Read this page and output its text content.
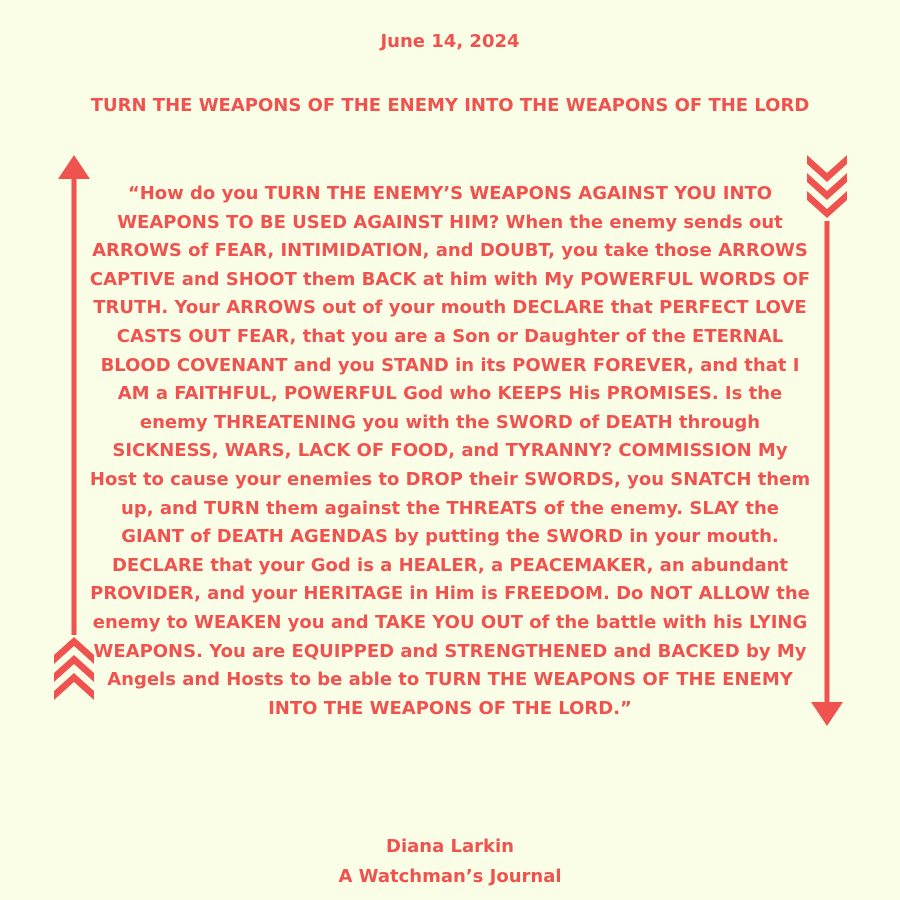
June 14, 2024
TURN THE WEAPONS OF THE ENEMY INTO THE WEAPONS OF THE LORD
“How do you TURN THE ENEMY’S WEAPONS AGAINST YOU INTO WEAPONS TO BE USED AGAINST HIM? When the enemy sends out ARROWS of FEAR, INTIMIDATION, and DOUBT, you take those ARROWS CAPTIVE and SHOOT them BACK at him with My POWERFUL WORDS OF TRUTH. Your ARROWS out of your mouth DECLARE that PERFECT LOVE CASTS OUT FEAR, that you are a Son or Daughter of the ETERNAL BLOOD COVENANT and you STAND in its POWER FOREVER, and that I AM a FAITHFUL, POWERFUL God who KEEPS His PROMISES. Is the enemy THREATENING you with the SWORD of DEATH through SICKNESS, WARS, LACK OF FOOD, and TYRANNY? COMMISSION My Host to cause your enemies to DROP their SWORDS, you SNATCH them up, and TURN them against the THREATS of the enemy. SLAY the GIANT of DEATH AGENDAS by putting the SWORD in your mouth. DECLARE that your God is a HEALER, a PEACEMAKER, an abundant PROVIDER, and your HERITAGE in Him is FREEDOM. Do NOT ALLOW the enemy to WEAKEN you and TAKE YOU OUT of the battle with his LYING WEAPONS. You are EQUIPPED and STRENGTHENED and BACKED by My Angels and Hosts to be able to TURN THE WEAPONS OF THE ENEMY INTO THE WEAPONS OF THE LORD.”
Diana Larkin
A Watchman’s Journal
